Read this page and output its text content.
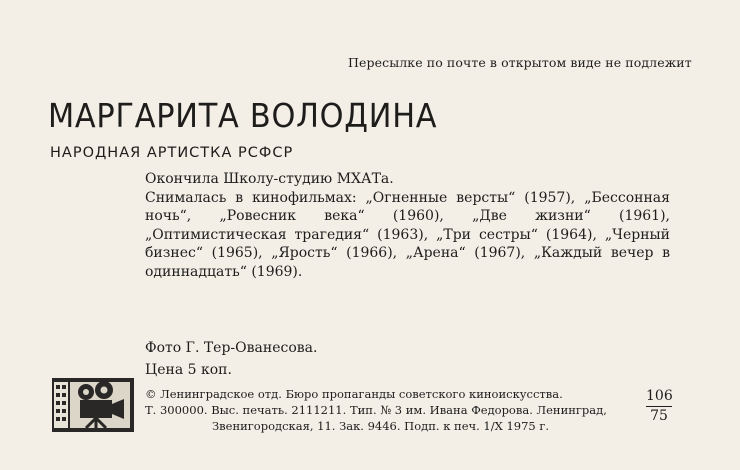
Пересылке по почте в открытом виде не подлежит
МАРГАРИТА ВОЛОДИНА
НАРОДНАЯ АРТИСТКА РСФСР

Окончила Школу-студию МХАТа.

Снималась в кинофильмах: „Огненные версты“ (1957), „Бессонная ночь“, „Ровесник века“ (1960), „Две жизни“ (1961), „Оптимистическая трагедия“ (1963), „Три сестры“ (1964), „Черный бизнес“ (1965), „Ярость“ (1966), „Арена“ (1967), „Каждый вечер в одиннадцать“ (1969).

Фото Г. Тер-Ованесова.
Цена 5 коп.
© Ленинградское отд. Бюро пропаганды советского киноискусства.
Т. 300000. Выс. печать. 2111211. Тип. № 3 им. Ивана Федорова. Ленинград,
Звенигородская, 11. Зак. 9446. Подп. к печ. 1/Х 1975 г.
106
75
